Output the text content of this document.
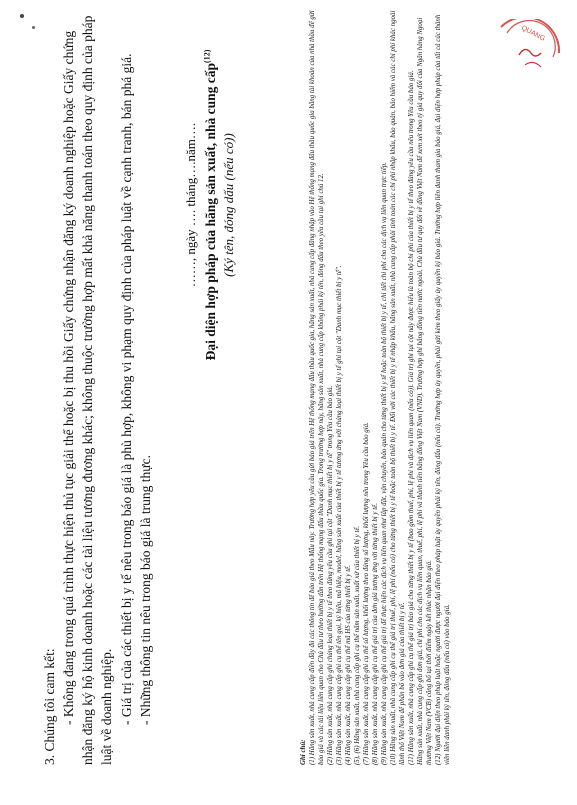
3. Chúng tôi cam kết: - Không đang trong quá trình thực hiện thủ tục giải thể hoặc bị thu hồi Giấy chứng nhận đăng ký doanh nghiệp hoặc Giấy chứng nhận đăng ký hộ kinh doanh hoặc các tài liệu tương đương khác; không thuộc trường hợp mất khả năng thanh toán theo quy định của pháp luật về doanh nghiệp. - Giá trị của các thiết bị y tế nêu trong báo giá là phù hợp, không vi phạm quy định của pháp luật về cạnh tranh, bán phá giá. - Những thông tin nêu trong báo giá là trung thực.

……, ngày …. tháng….năm…. Đại diện hợp pháp của hãng sản xuất, nhà cung cấp$^{(12)}$
(Ký tên, đóng dấu (nếu có))

Ghi chú: (1) Hãng sản xuất, nhà cung cấp điền đầy đủ các thông tin để báo giá theo Mẫu này. Trường hợp yêu cầu gửi báo giá trên Hệ thống mạng đấu thầu quốc gia, hãng sản xuất, nhà cung cấp đăng nhập vào Hệ thống mạng đấu thầu quốc gia bằng tài khoản của nhà thầu để gửi báo giá và các tài liệu liên quan cho Chủ đầu tư theo hướng dẫn trên Hệ thống mạng đấu thầu quốc gia. Trong trường hợp này, hãng sản xuất, nhà cung cấp không phải ký tên, đóng dấu theo yêu cầu tại ghi chú 12. (2) Hãng sản xuất, nhà cung cấp ghi chủng loại thiết bị y tế theo đúng yêu cầu ghi tại cột "Danh mục thiết bị y tế" trong Yêu cầu báo giá. (3) Hãng sản xuất, nhà cung cấp ghi cụ thể tên gọi, ký hiệu, mã hiệu, model, hãng sản xuất của thiết bị y tế tương ứng với chủng loại thiết bị y tế ghi tại cột "Danh mục thiết bị y tế". (4) Hãng sản xuất, nhà cung cấp ghi cụ thể mã HS của từng thiết bị y tế. (5), (6) Hãng sản xuất, nhà cung cấp ghi cụ thể năm sản xuất, xuất xứ của thiết bị y tế. (7) Hãng sản xuất, nhà cung cấp ghi cụ thể số lượng, khối lượng theo đúng số lượng, khối lượng nêu trong Yêu cầu báo giá. (8) Hãng sản xuất, nhà cung cấp ghi cụ thể giá trị của đơn giá tương ứng với từng thiết bị y tế. (9) Hãng sản xuất, nhà cung cấp ghi cụ thể giá trị để thực hiện các dịch vụ liên quan như lắp đặt, vận chuyển, bảo quản cho từng thiết bị y tế hoặc toàn bộ thiết bị y tế, chi tiết chi phí cho các dịch vụ liên quan trực tiếp. (10) Hãng sản xuất, nhà cung cấp ghi cụ thể giá trị thuế, phí, lệ phí (nếu có) cho từng thiết bị y tế hoặc toàn bộ thiết bị y tế. Đối với các thiết bị y tế nhập khẩu, hãng sản xuất, nhà cung cấp phải tính toán các chi phí nhập khẩu, bảo quản, bảo hiểm và các chi phí khác ngoài lãnh thổ Việt Nam để phân bổ vào đơn giá của thiết bị y tế. (11) Hãng sản xuất, nhà cung cấp ghi cụ thể giá trị báo giá cho từng thiết bị y tế (bao gồm thuế, phí, lệ phí và dịch vụ liên quan (nếu có)). Giá trị ghi tại cột này được hiểu là toàn bộ chi phí của thiết bị y tế theo đúng yêu cầu nêu trong Yêu cầu báo giá. Hãng sản xuất, nhà cung cấp ghi đơn giá, chi phí cho các dịch vụ liên quan, thuế, phí, lệ phí và thành tiền bằng đồng Việt Nam (VND). Trường hợp ghi bằng đồng tiền nước ngoài, Chủ đầu tư quy đổi về đồng Việt Nam để xem xét theo tỷ giá quy đổi của Ngân hàng Ngoại thương Việt Nam (VCB) công bố tại thời điểm ngày kết thúc nhận báo giá. (12) Người đại diện theo pháp luật hoặc người được người đại diện theo pháp luật ủy quyền phải ký tên, đóng dấu (nếu có). Trường hợp ủy quyền, phải gửi kèm theo giấy ủy quyền ký báo giá. Trường hợp liên danh tham gia báo giá, đại diện hợp pháp của tất cả các thành viên liên danh phải ký tên, đóng dấu (nếu có) vào báo giá.

QUANG
